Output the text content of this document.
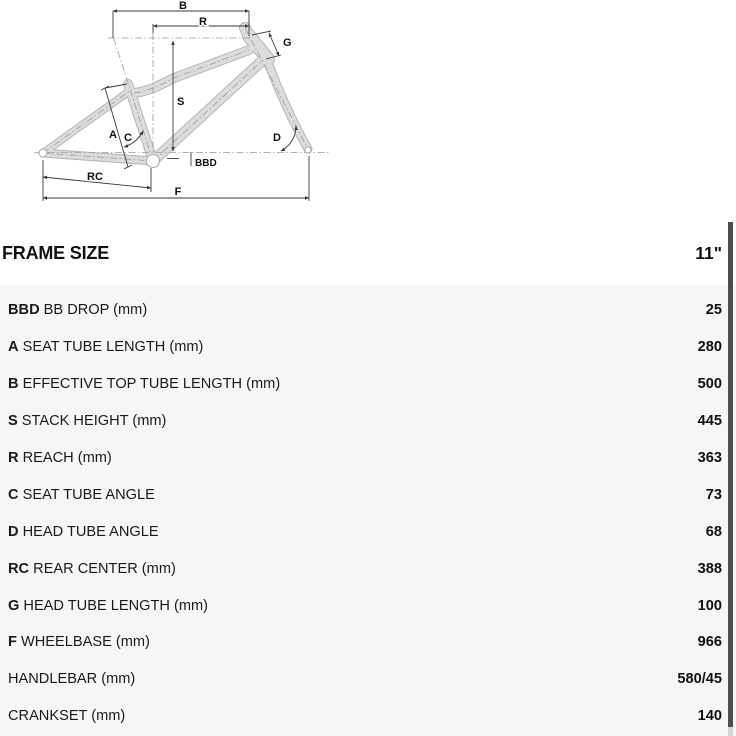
B
R
G
S
A C	D
BBD
RC
F
FRAME SIZE	11"
BBD BB DROP (mm)	25
A SEAT TUBE LENGTH (mm)	280
B EFFECTIVE TOP TUBE LENGTH (mm)	500
S STACK HEIGHT (mm)	445
R REACH (mm)	363
C SEAT TUBE ANGLE	73
D HEAD TUBE ANGLE	68
RC REAR CENTER (mm)	388
G HEAD TUBE LENGTH (mm)	100
F WHEELBASE (mm)	966
HANDLEBAR (mm)	580/45
CRANKSET (mm)	140
